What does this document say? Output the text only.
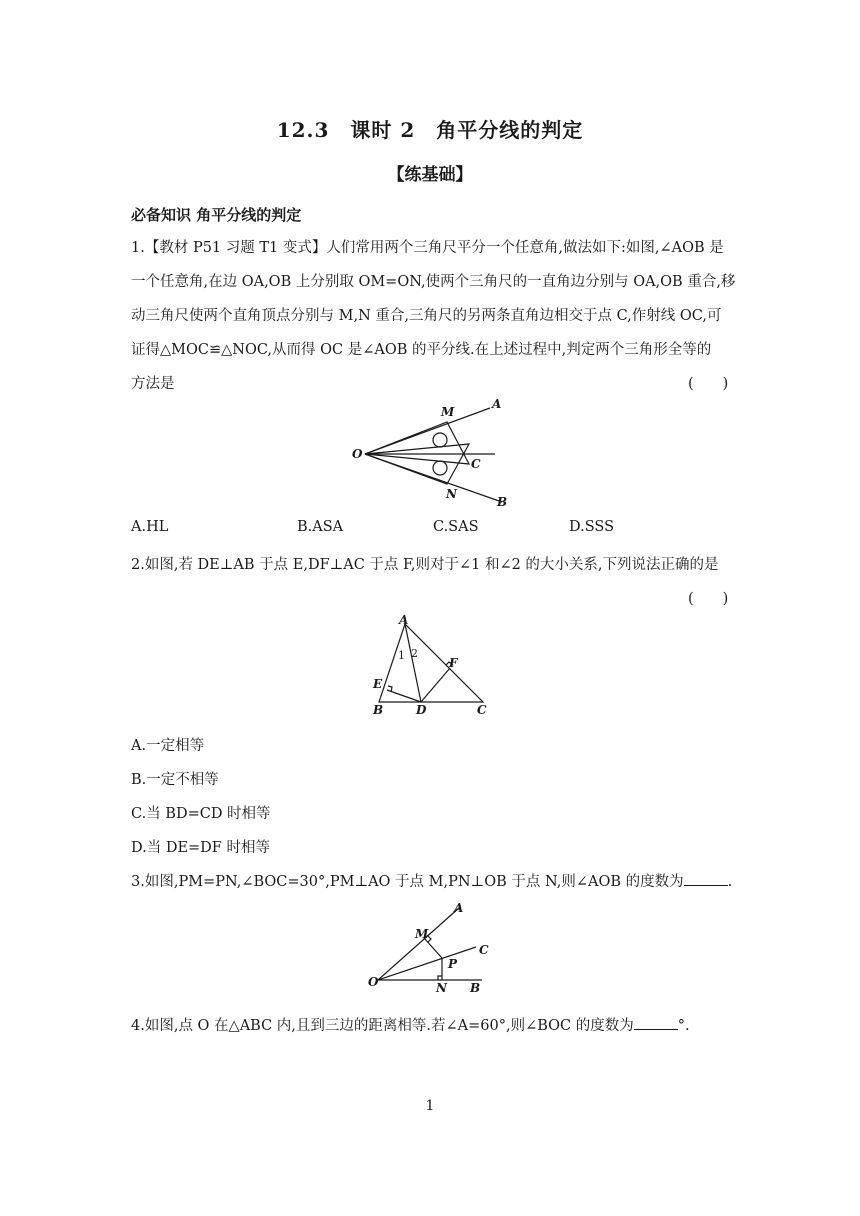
12.3　课时 2　角平分线的判定
【练基础】
必备知识 角平分线的判定
1.【教材 P51 习题 T1 变式】人们常用两个三角尺平分一个任意角,做法如下:如图,∠AOB 是
一个任意角,在边 OA,OB 上分别取 OM=ON,使两个三角尺的一直角边分别与 OA,OB 重合,移
动三角尺使两个直角顶点分别与 M,N 重合,三角尺的另两条直角边相交于点 C,作射线 OC,可
证得△MOC≌△NOC,从而得 OC 是∠AOB 的平分线.在上述过程中,判定两个三角形全等的
方法是	(　　)
O
M
A
C
N
B
A.HL	B.ASA	C.SAS	D.SSS
2.如图,若 DE⊥AB 于点 E,DF⊥AC 于点 F,则对于∠1 和∠2 的大小关系,下列说法正确的是
(　　)
A
1 2
F
E
B	D	C
A.一定相等
B.一定不相等
C.当 BD=CD 时相等
D.当 DE=DF 时相等
3.如图,PM=PN,∠BOC=30°,PM⊥AO 于点 M,PN⊥OB 于点 N,则∠AOB 的度数为	.
A
M
C
P
O	N B
4.如图,点 O 在△ABC 内,且到三边的距离相等.若∠A=60°,则∠BOC 的度数为	°.
1
